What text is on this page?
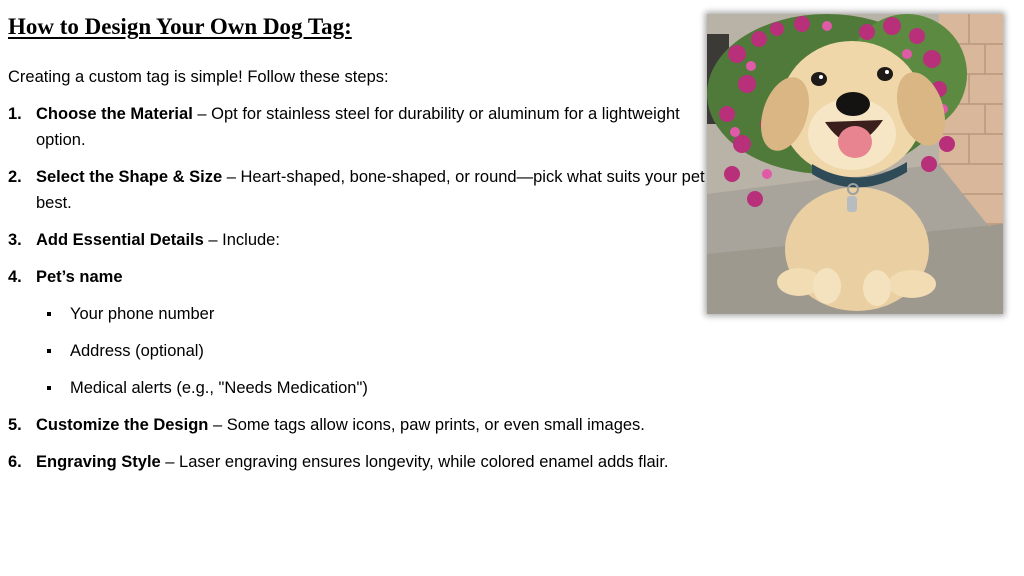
How to Design Your Own Dog Tag:

Creating a custom tag is simple! Follow these steps:

1. Choose the Material – Opt for stainless steel for durability or aluminum for a lightweight option.
2. Select the Shape & Size – Heart-shaped, bone-shaped, or round—pick what suits your pet best.
3. Add Essential Details – Include:
4. Pet’s name
Your phone number
Address (optional)
Medical alerts (e.g., "Needs Medication")
5. Customize the Design – Some tags allow icons, paw prints, or even small images.
6. Engraving Style – Laser engraving ensures longevity, while colored enamel adds flair.
